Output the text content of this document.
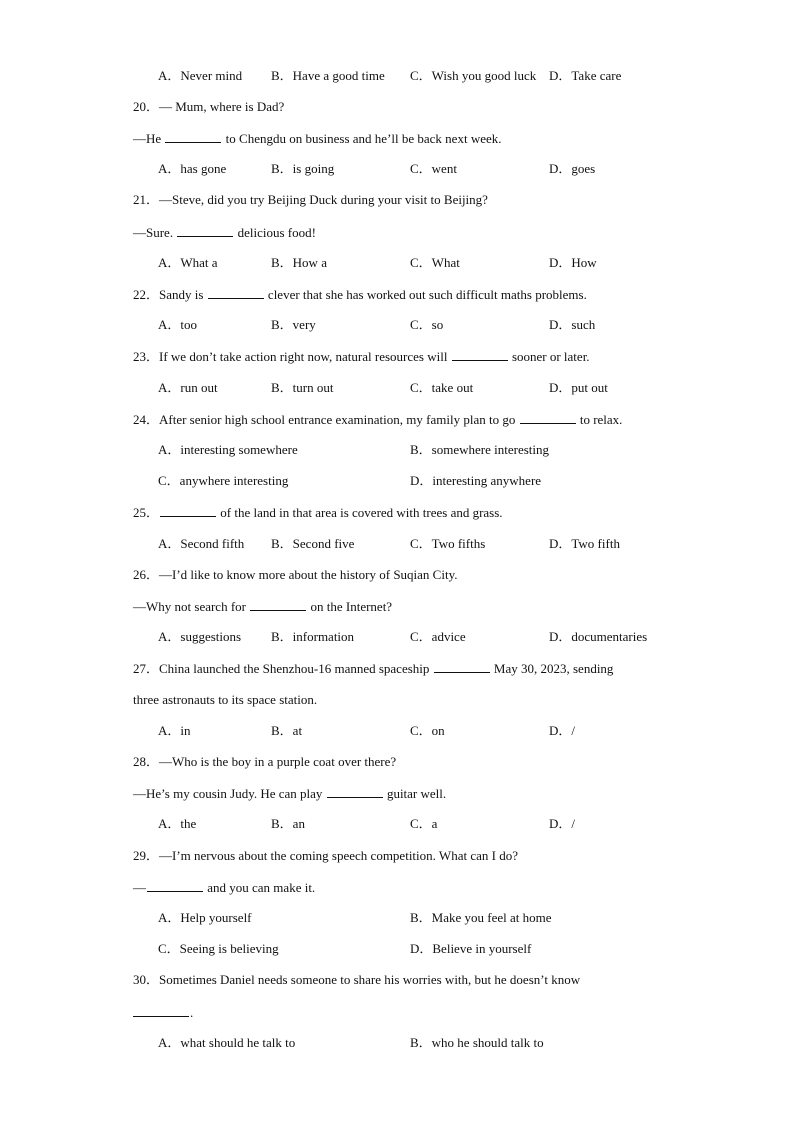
A．Never mind B．Have a good time C．Wish you good luck D．Take care
20．— Mum, where is Dad?
—He	to Chengdu on business and he’ll be back next week.
A．has gone	B．is going	C．went	D．goes
21．—Steve, did you try Beijing Duck during your visit to Beijing?
—Sure.	delicious food!
A．What a	B．How a	C．What	D．How
22．Sandy is	clever that she has worked out such difficult maths problems.
A．too	B．very	C．so	D．such
23．If we don’t take action right now, natural resources will	sooner or later.
A．run out	B．turn out	C．take out	D．put out
24．After senior high school entrance examination, my family plan to go	to relax.
A．interesting somewhere	B．somewhere interesting
C．anywhere interesting	D．interesting anywhere
25．	of the land in that area is covered with trees and grass.
A．Second fifth B．Second five	C．Two fifths	D．Two fifth
26．—I’d like to know more about the history of Suqian City.
—Why not search for	on the Internet?
A．suggestions B．information	C．advice	D．documentaries
27．China launched the Shenzhou-16 manned spaceship	May 30, 2023, sending
three astronauts to its space station.
A．in	B．at	C．on	D．/
28．—Who is the boy in a purple coat over there?
—He’s my cousin Judy. He can play	guitar well.
A．the	B．an	C．a	D．/
29．—I’m nervous about the coming speech competition. What can I do?
—	and you can make it.
A．Help yourself	B．Make you feel at home
C．Seeing is believing	D．Believe in yourself
30．Sometimes Daniel needs someone to share his worries with, but he doesn’t know
.
A．what should he talk to	B．who he should talk to
